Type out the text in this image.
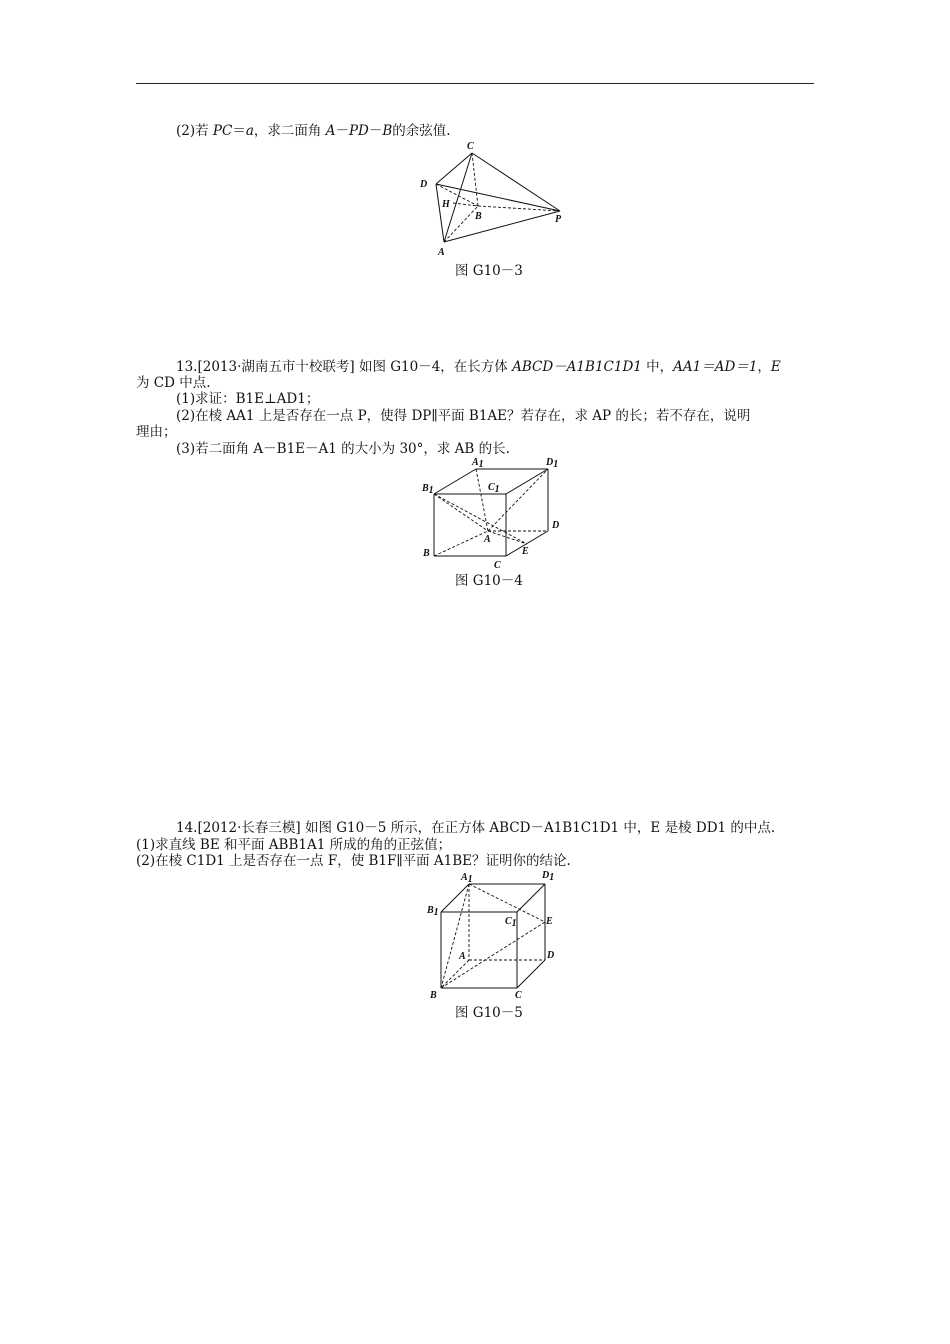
(2)若 PC＝a，求二面角 A－PD－B的余弦值.
C
D
H
B	P
A
图 G10－3
13.[2013·湖南五市十校联考] 如图 G10－4，在长方体 ABCD－A1B1C1D1 中，AA1＝AD＝1，E
为 CD 中点.
(1)求证：B1E⊥AD1；
(2)在棱 AA1 上是否存在一点 P，使得 DP∥平面 B1AE？若存在，求 AP 的长；若不存在，说明
理由；
(3)若二面角 A－B1E－A1 的大小为 30°，求 AB 的长.
A1	D1
B1	C1
D
A
B	E
C
图 G10－4
14.[2012·长春三模] 如图 G10－5 所示，在正方体 ABCD－A1B1C1D1 中，E 是棱 DD1 的中点.
(1)求直线 BE 和平面 ABB1A1 所成的角的正弦值；
(2)在棱 C1D1 上是否存在一点 F，使 B1F∥平面 A1BE？证明你的结论.
A1	D1
B1
C1	E
A	D
B	C
图 G10－5
